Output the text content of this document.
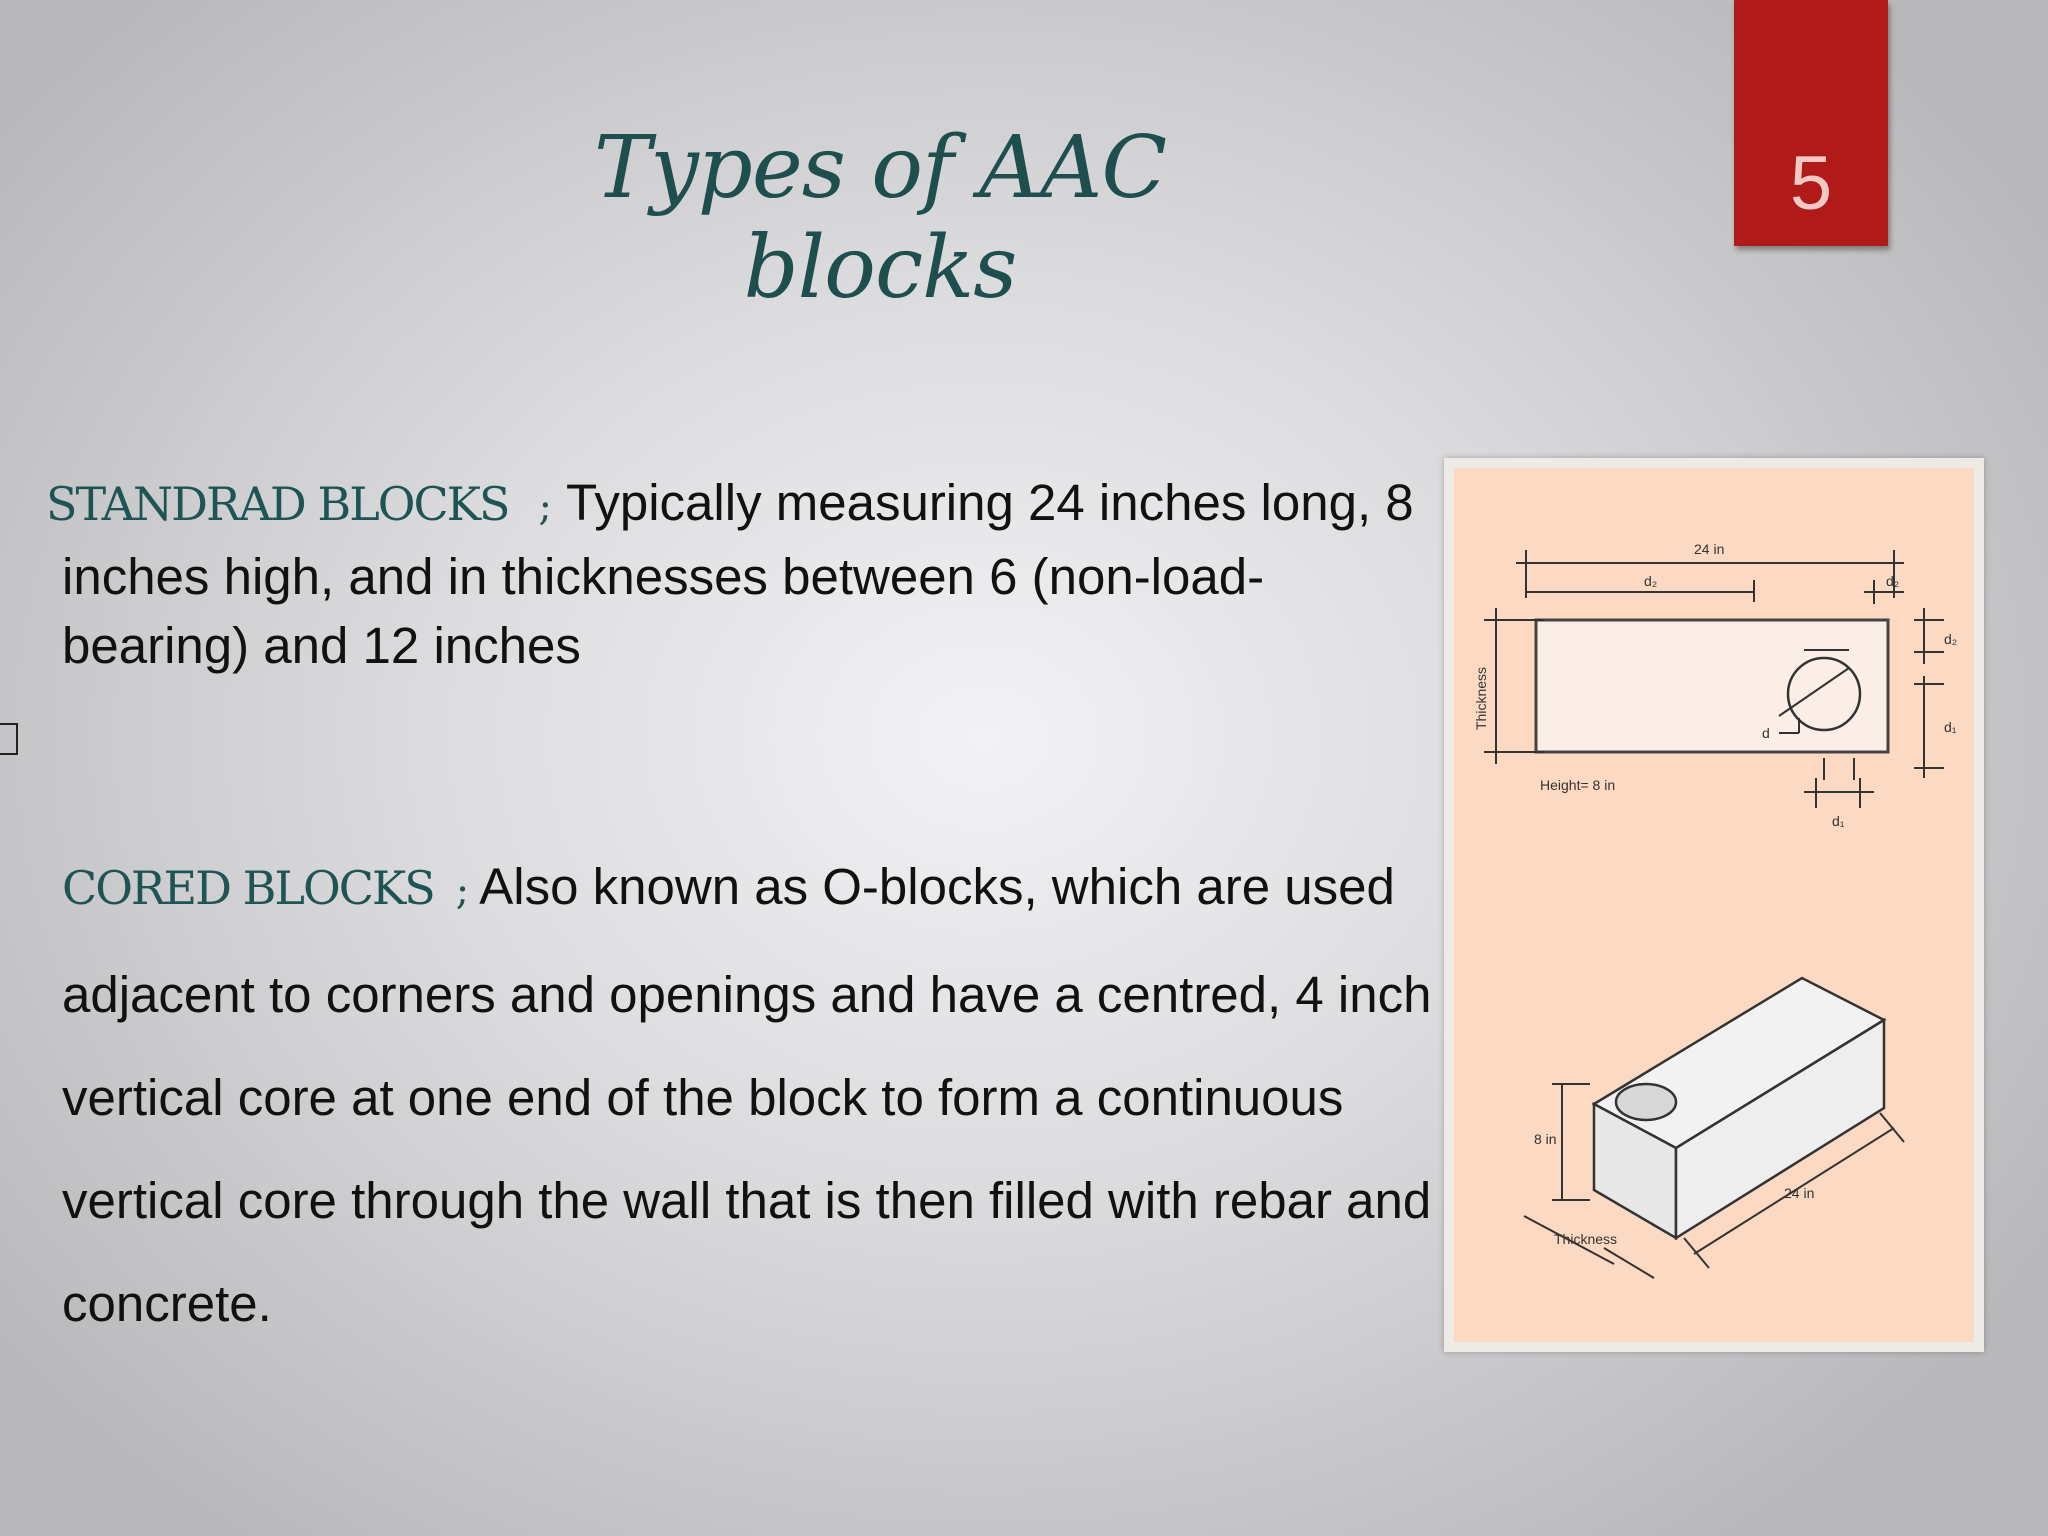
Types of AAC blocks
5
STANDRAD BLOCKS ; Typically measuring 24 inches long, 8 inches high, and in thicknesses between 6 (non-load-bearing) and 12 inches
CORED BLOCKS ; Also known as O-blocks, which are used adjacent to corners and openings and have a centred, 4 inch vertical core at one end of the block to form a continuous vertical core through the wall that is then filled with rebar and concrete.
24 in
d₂	d₂
Thickness
d
Height= 8 in
d₁
d₂
d₁
8 in
24 in
Thickness
